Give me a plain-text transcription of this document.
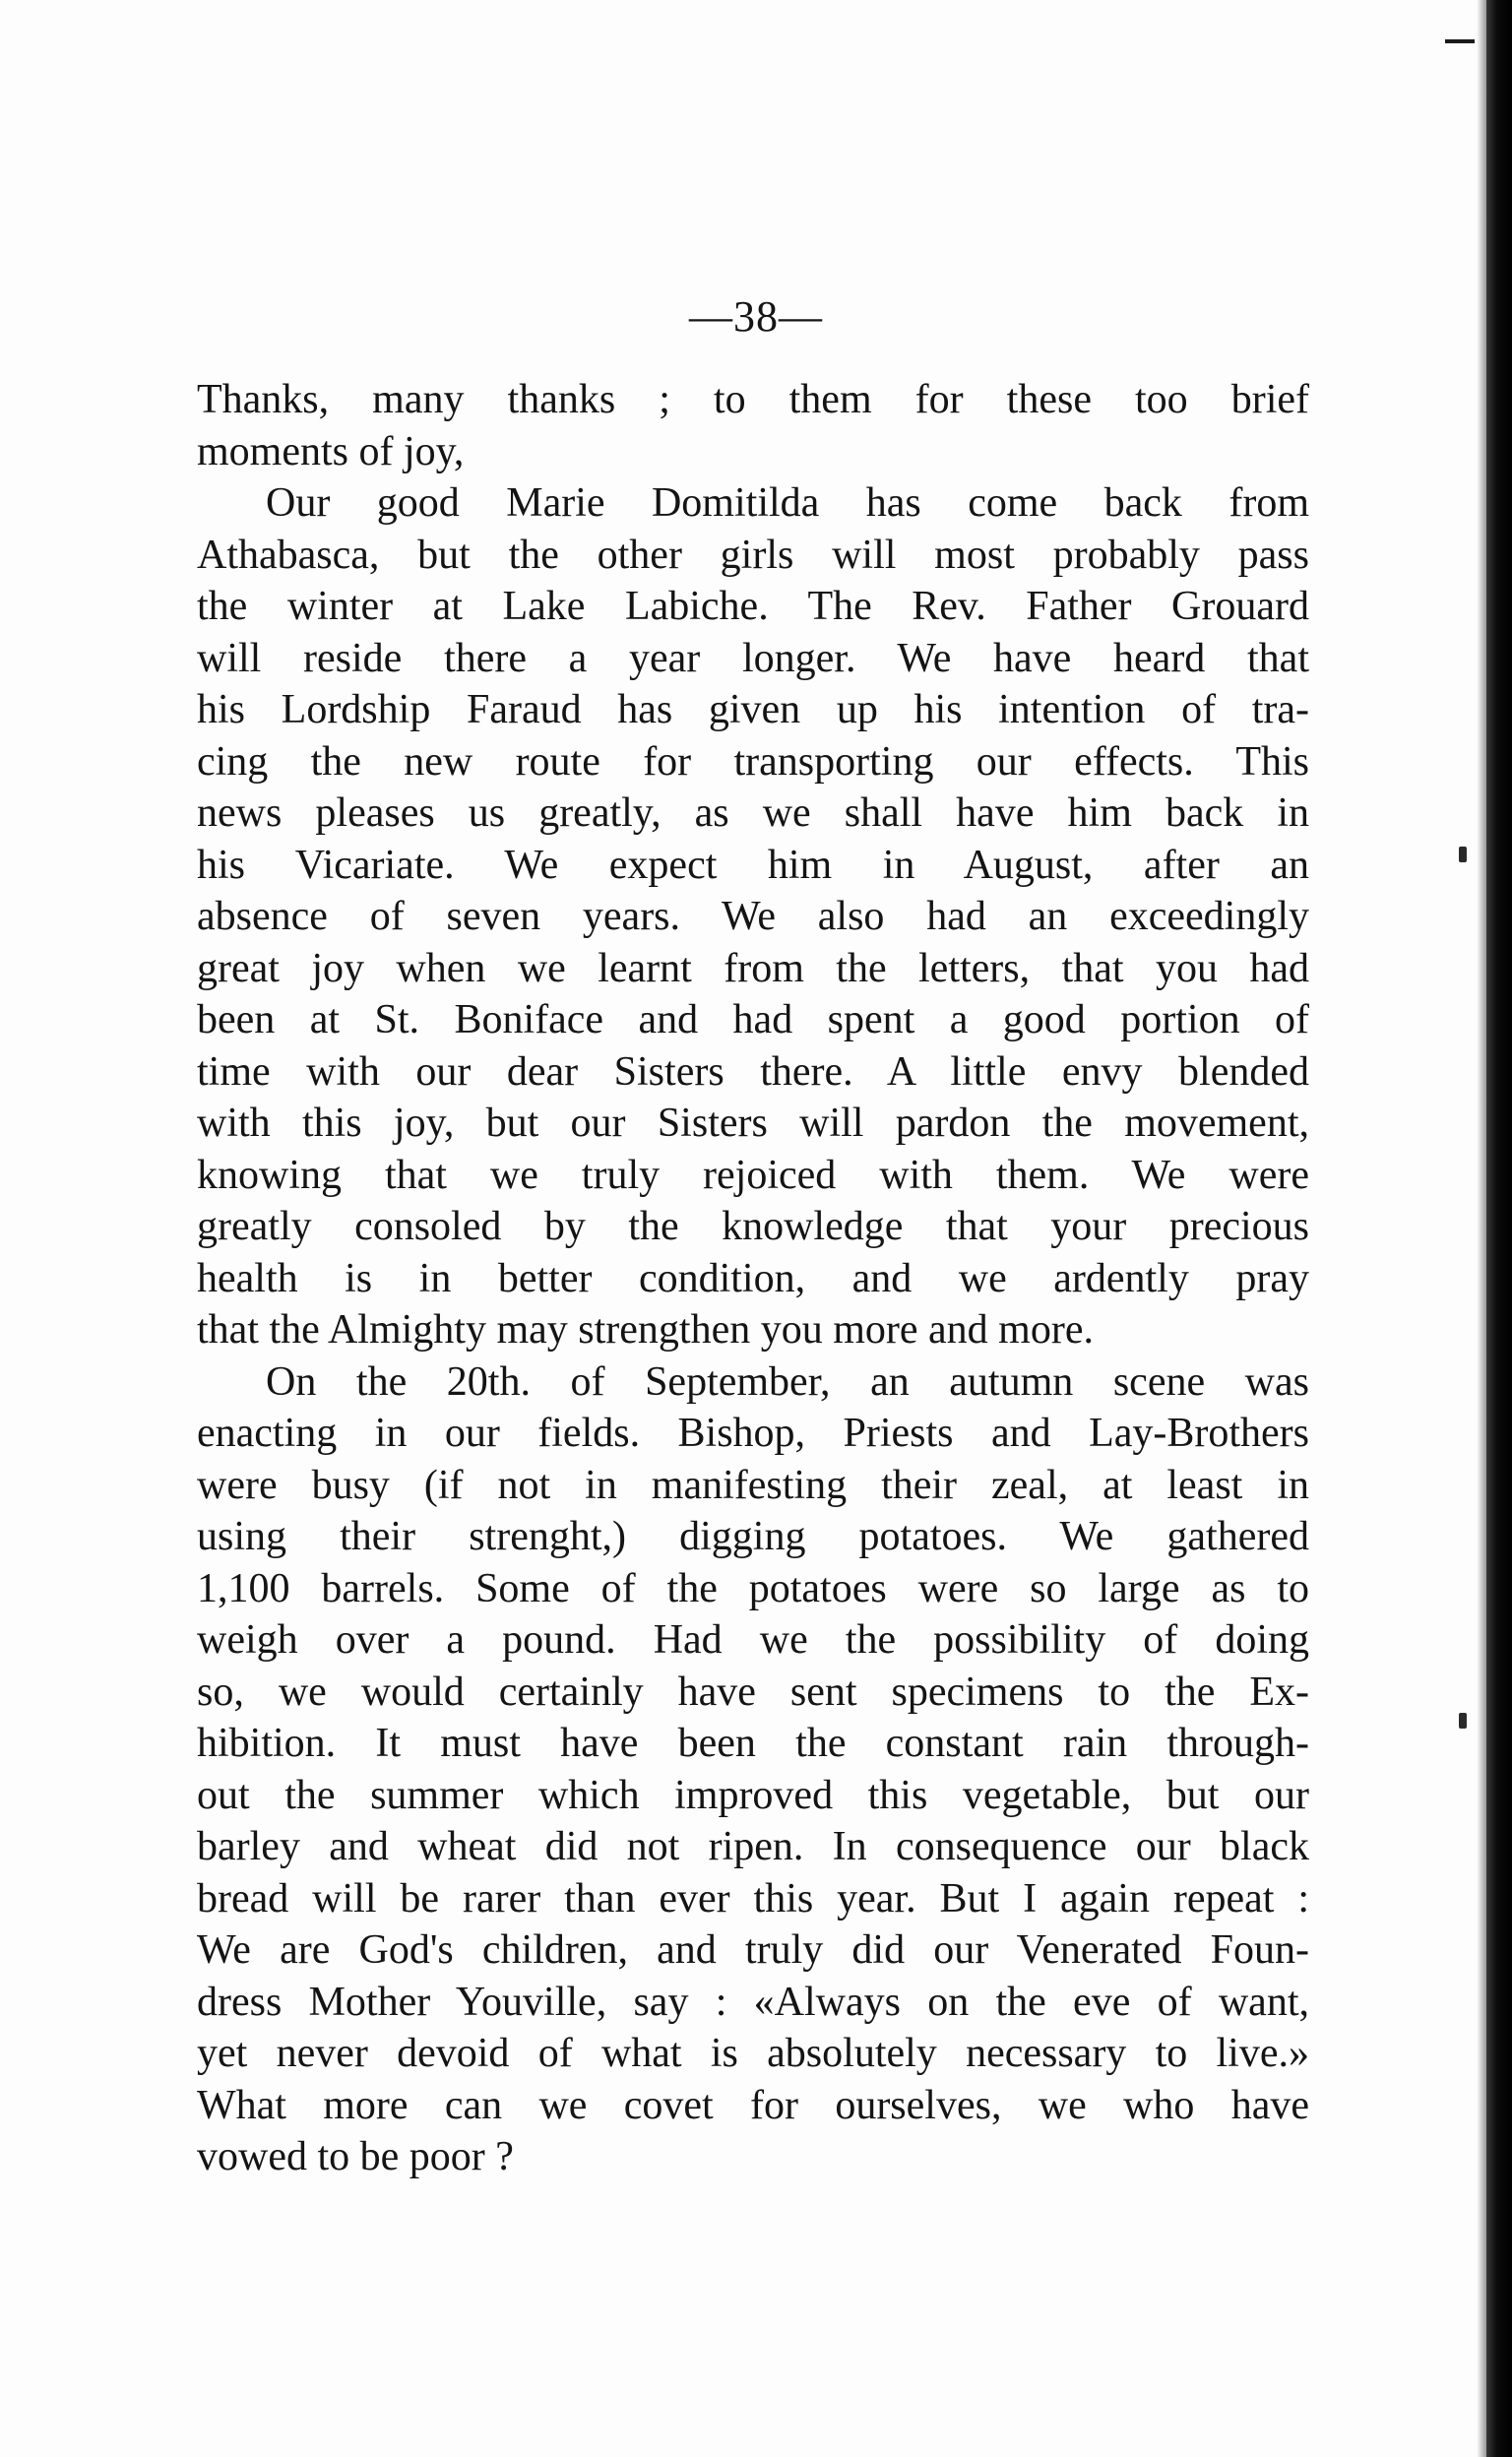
—38—
Thanks, many thanks ; to them for these too brief
moments of joy,
Our good Marie Domitilda has come back from
Athabasca, but the other girls will most probably pass
the winter at Lake Labiche. The Rev. Father Grouard
will reside there a year longer. We have heard that
his Lordship Faraud has given up his intention of tra-
cing the new route for transporting our effects. This
news pleases us greatly, as we shall have him back in
his Vicariate. We expect him in August, after an
absence of seven years. We also had an exceedingly
great joy when we learnt from the letters, that you had
been at St. Boniface and had spent a good portion of
time with our dear Sisters there. A little envy blended
with this joy, but our Sisters will pardon the movement,
knowing that we truly rejoiced with them. We were
greatly consoled by the knowledge that your precious
health is in better condition, and we ardently pray
that the Almighty may strengthen you more and more.
On the 20th. of September, an autumn scene was
enacting in our fields. Bishop, Priests and Lay-Brothers
were busy (if not in manifesting their zeal, at least in
using their strenght,) digging potatoes. We gathered
1,100 barrels. Some of the potatoes were so large as to
weigh over a pound. Had we the possibility of doing
so, we would certainly have sent specimens to the Ex-
hibition. It must have been the constant rain through-
out the summer which improved this vegetable, but our
barley and wheat did not ripen. In consequence our black
bread will be rarer than ever this year. But I again repeat :
We are God's children, and truly did our Venerated Foun-
dress Mother Youville, say : «Always on the eve of want,
yet never devoid of what is absolutely necessary to live.»
What more can we covet for ourselves, we who have
vowed to be poor ?
